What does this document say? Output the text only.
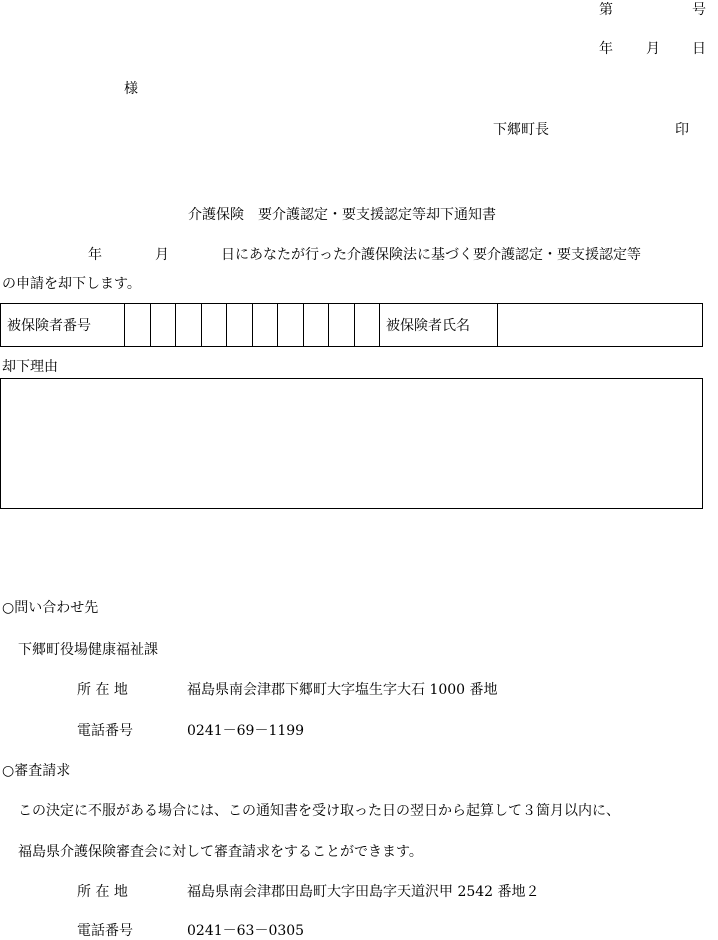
第	号
年 月 日
様
下郷町長	印
介護保険　要介護認定・要支援認定等却下通知書
年	月	日にあなたが行った介護保険法に基づく要介護認定・要支援認定等
の申請を却下します。
被保険者番号	被保険者氏名
却下理由
○問い合わせ先
下郷町役場健康福祉課
所 在 地	福島県南会津郡下郷町大字塩生字大石 1000 番地
電話番号	0241－69－1199
○審査請求
この決定に不服がある場合には、この通知書を受け取った日の翌日から起算して３箇月以内に、
福島県介護保険審査会に対して審査請求をすることができます。
所 在 地	福島県南会津郡田島町大字田島字天道沢甲 2542 番地２
電話番号	0241－63－0305
